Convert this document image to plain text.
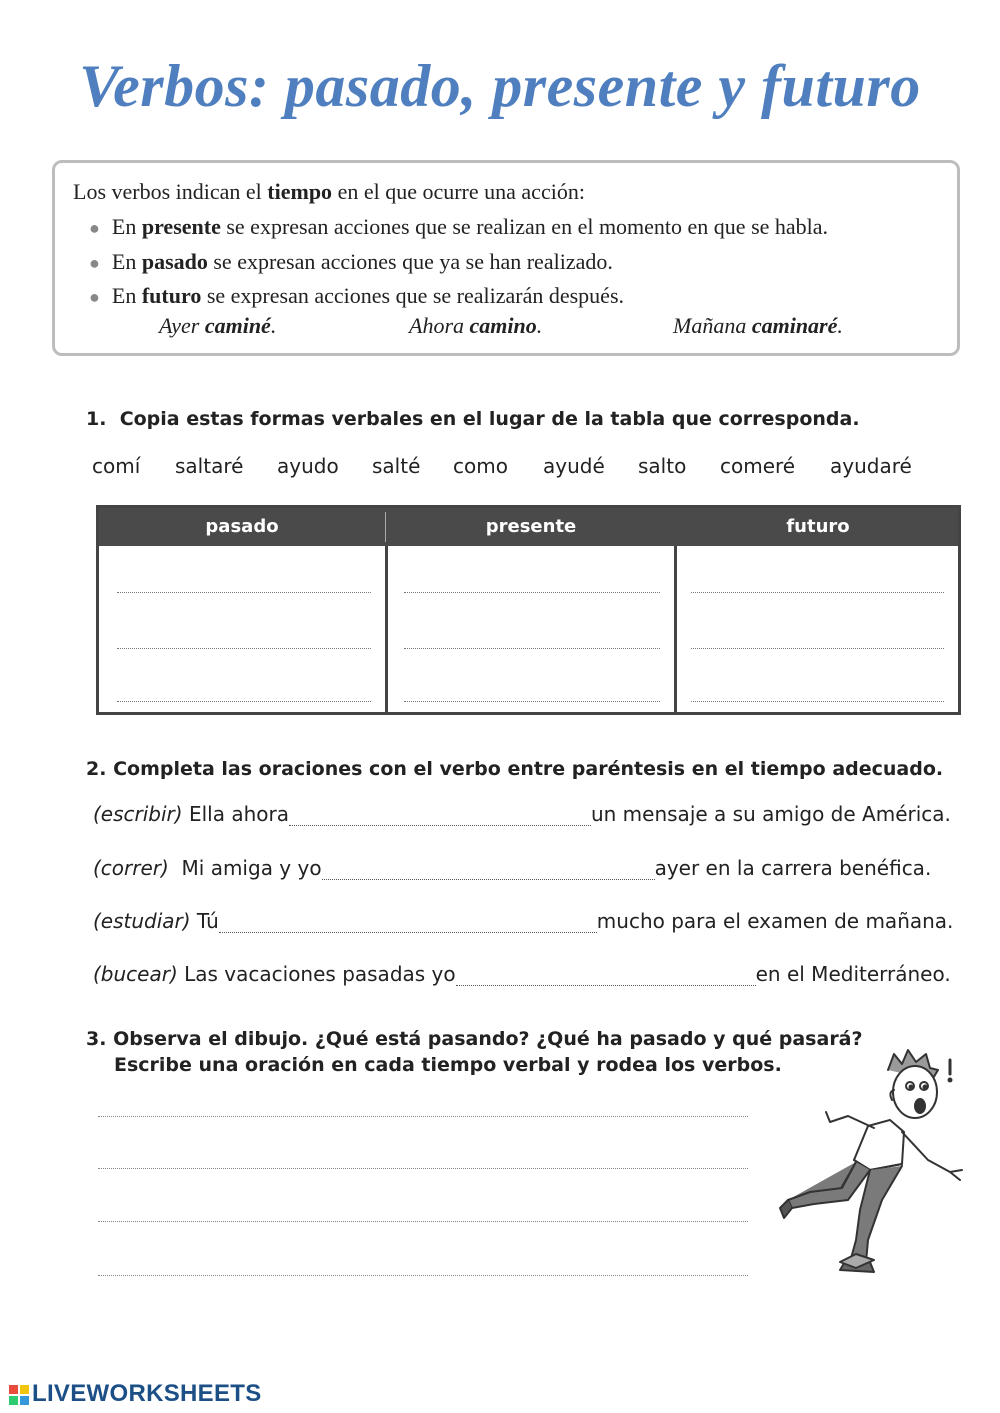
Verbos: pasado, presente y futuro
Los verbos indican el tiempo en el que ocurre una acción:
● En presente se expresan acciones que se realizan en el momento en que se habla.
● En pasado se expresan acciones que ya se han realizado.
● En futuro se expresan acciones que se realizarán después.
Ayer caminé.	Ahora camino.	Mañana caminaré.
1. Copia estas formas verbales en el lugar de la tabla que corresponda.
comí saltaré ayudo salté como ayudé salto comeré ayudaré
pasado	presente	futuro
2. Completa las oraciones con el verbo entre paréntesis en el tiempo adecuado.
(escribir) Ella ahora	un mensaje a su amigo de América.
(correr)  Mi amiga y yo	ayer en la carrera benéfica.
(estudiar) Tú	mucho para el examen de mañana.
(bucear) Las vacaciones pasadas yo	en el Mediterráneo.
3. Observa el dibujo. ¿Qué está pasando? ¿Qué ha pasado y qué pasará?
Escribe una oración en cada tiempo verbal y rodea los verbos.

LIVEWORKSHEETS
